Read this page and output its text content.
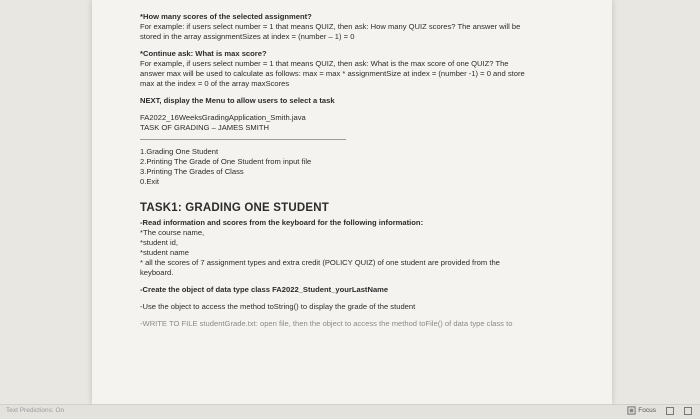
*How many scores of the selected assignment?

For example: if users select number = 1 that means QUIZ, then ask: How many QUIZ scores? The answer will be

stored in the array assignmentSizes at index = (number – 1) = 0

*Continue ask: What is max score?

For example, if users select number = 1 that means QUIZ, then ask: What is the max score of one QUIZ? The

answer max will be used to calculate as follows: max = max * assignmentSize at index = (number -1) = 0 and store

max at the index = 0 of the array maxScores

NEXT, display the Menu to allow users to select a task

FA2022_16WeeksGradingApplication_Smith.java

TASK OF GRADING – JAMES SMITH

1.Grading One Student

2.Printing The Grade of One Student from input file

3.Printing The Grades of Class

0.Exit

TASK1: GRADING ONE STUDENT

-Read information and scores from the keyboard for the following information:

*The course name,

*student id,

*student name

* all the scores of 7 assignment types and extra credit (POLICY QUIZ) of one student are provided from the

keyboard.

-Create the object of data type class FA2022_Student_yourLastName

-Use the object to access the method toString() to display the grade of the student

-WRITE TO FILE studentGrade.txt: open file, then the object to access the method toFile() of data type class to

Text Predictions: On	Focus
